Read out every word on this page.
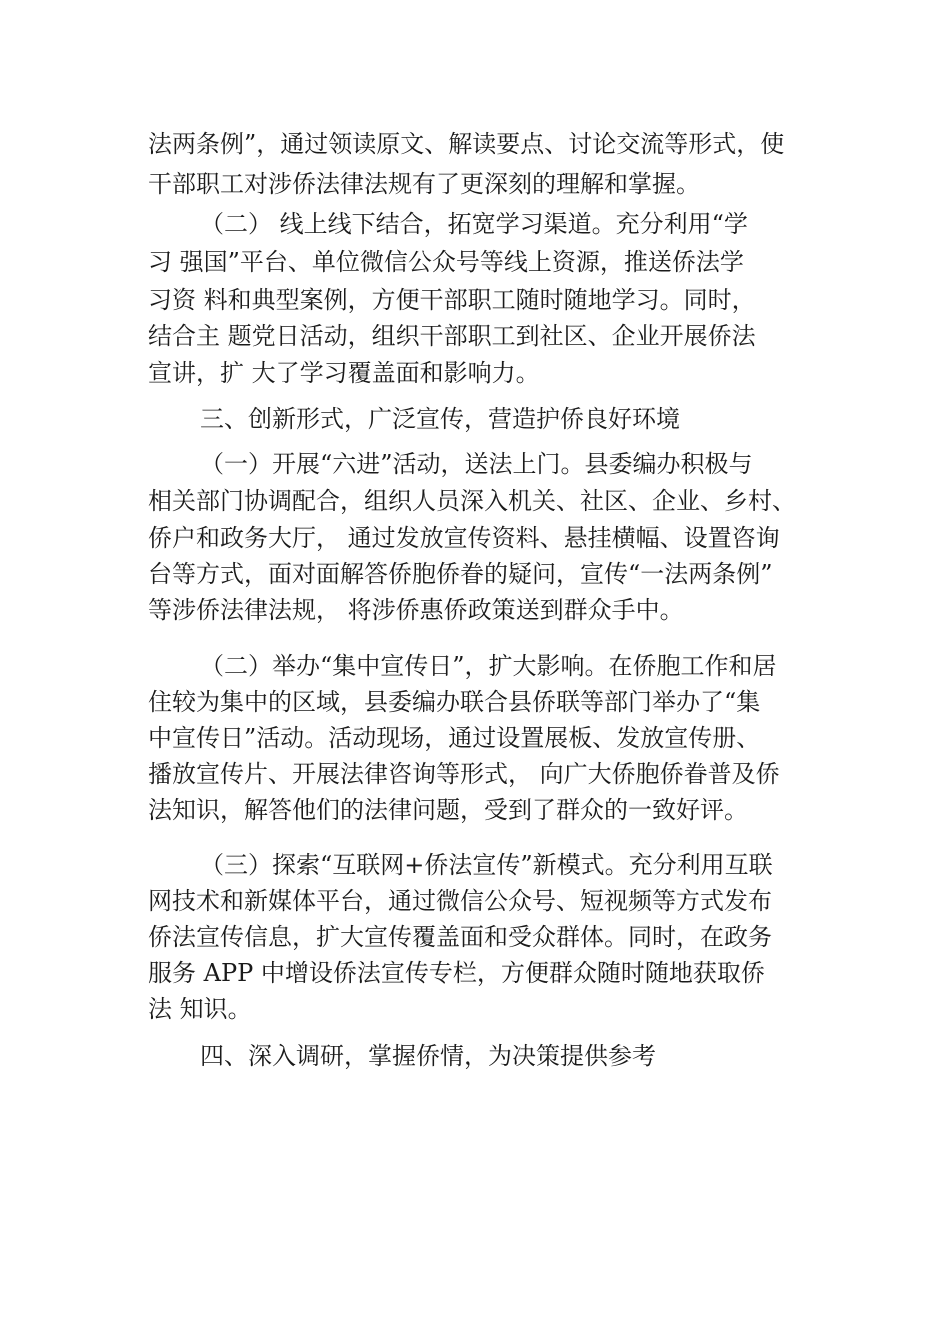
法两条例”，通过领读原文、解读要点、讨论交流等形式，使

干部职工对涉侨法律法规有了更深刻的理解和掌握。

（二） 线上线下结合，拓宽学习渠道。充分利用“学

习 强国”平台、单位微信公众号等线上资源，推送侨法学

习资 料和典型案例，方便干部职工随时随地学习。同时，

结合主 题党日活动，组织干部职工到社区、企业开展侨法

宣讲，扩 大了学习覆盖面和影响力。

三、创新形式，广泛宣传，营造护侨良好环境

（一）开展“六进”活动，送法上门。县委编办积极与

相关部门协调配合，组织人员深入机关、社区、企业、乡村、

侨户和政务大厅， 通过发放宣传资料、悬挂横幅、设置咨询

台等方式，面对面解答侨胞侨眷的疑问，宣传“一法两条例”

等涉侨法律法规， 将涉侨惠侨政策送到群众手中。

（二）举办“集中宣传日”，扩大影响。在侨胞工作和居

住较为集中的区域，县委编办联合县侨联等部门举办了“集

中宣传日”活动。活动现场，通过设置展板、发放宣传册、

播放宣传片、开展法律咨询等形式， 向广大侨胞侨眷普及侨

法知识，解答他们的法律问题，受到了群众的一致好评。

（三）探索“互联网+侨法宣传”新模式。充分利用互联

网技术和新媒体平台，通过微信公众号、短视频等方式发布

侨法宣传信息，扩大宣传覆盖面和受众群体。同时，在政务

服务 APP 中增设侨法宣传专栏，方便群众随时随地获取侨

法 知识。

四、深入调研，掌握侨情，为决策提供参考
